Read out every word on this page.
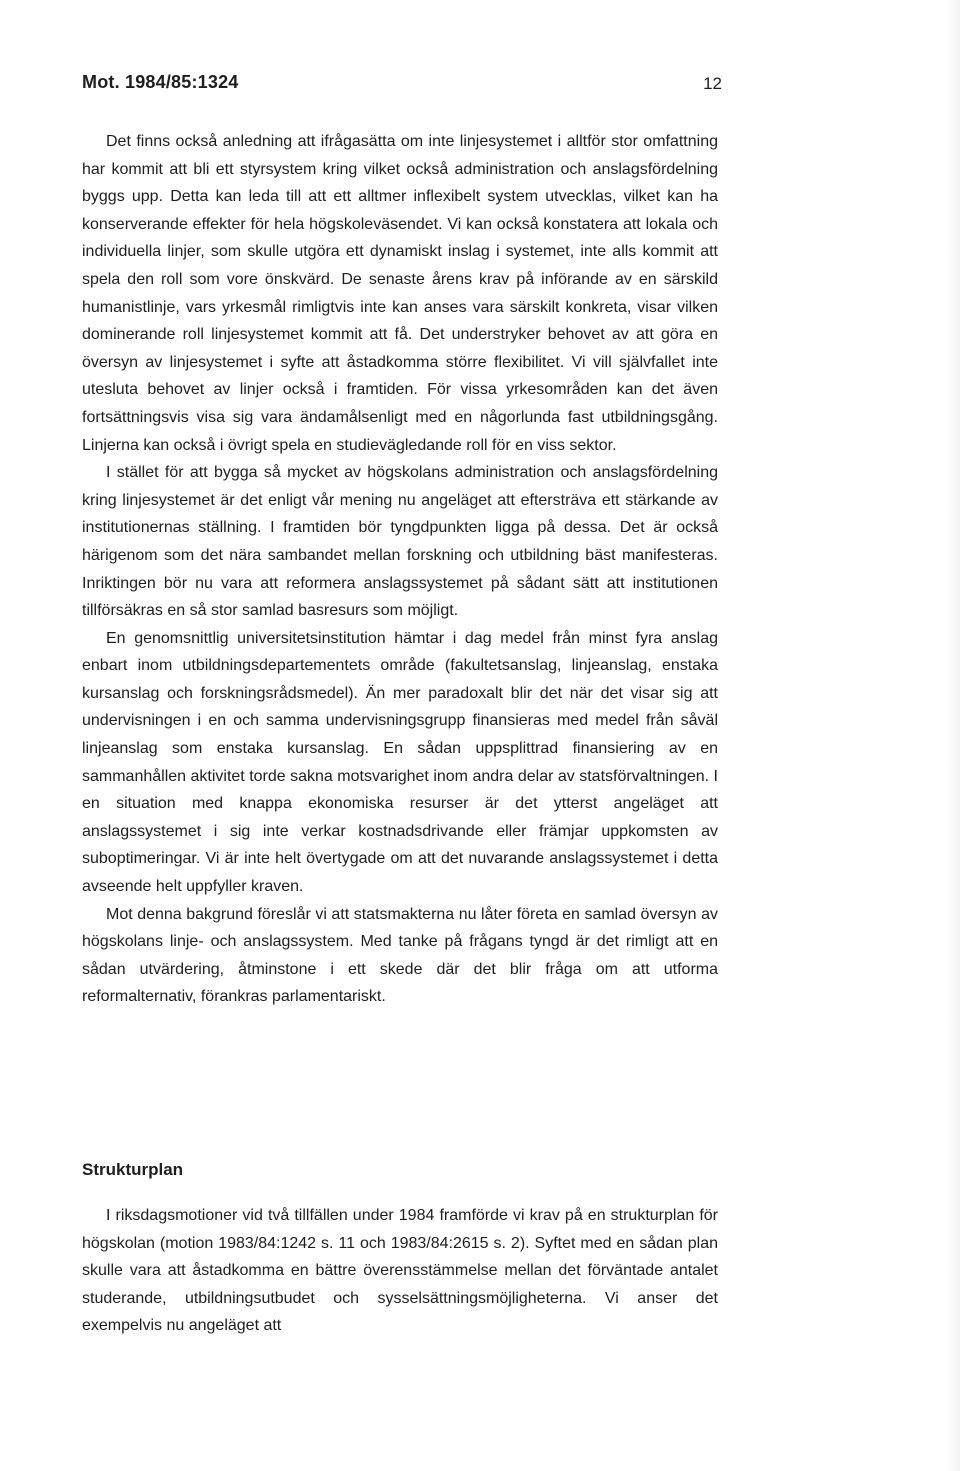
Mot. 1984/85:1324	12

Det finns också anledning att ifrågasätta om inte linjesystemet i alltför stor omfattning har kommit att bli ett styrsystem kring vilket också administration och anslagsfördelning byggs upp. Detta kan leda till att ett alltmer inflexibelt system utvecklas, vilket kan ha konserverande effekter för hela högskoleväsendet. Vi kan också konstatera att lokala och individuella linjer, som skulle utgöra ett dynamiskt inslag i systemet, inte alls kommit att spela den roll som vore önskvärd. De senaste årens krav på införande av en särskild humanistlinje, vars yrkesmål rimligtvis inte kan anses vara särskilt konkreta, visar vilken dominerande roll linjesystemet kommit att få. Det understryker behovet av att göra en översyn av linjesystemet i syfte att åstadkomma större flexibilitet. Vi vill självfallet inte utesluta behovet av linjer också i framtiden. För vissa yrkesområden kan det även fortsättningsvis visa sig vara ändamålsenligt med en någorlunda fast utbildningsgång. Linjerna kan också i övrigt spela en studievägledande roll för en viss sektor.

I stället för att bygga så mycket av högskolans administration och anslagsfördelning kring linjesystemet är det enligt vår mening nu angeläget att eftersträva ett stärkande av institutionernas ställning. I framtiden bör tyngdpunkten ligga på dessa. Det är också härigenom som det nära sambandet mellan forskning och utbildning bäst manifesteras. Inriktingen bör nu vara att reformera anslagssystemet på sådant sätt att institutionen tillförsäkras en så stor samlad basresurs som möjligt.

En genomsnittlig universitetsinstitution hämtar i dag medel från minst fyra anslag enbart inom utbildningsdepartementets område (fakultetsanslag, linjeanslag, enstaka kursanslag och forskningsrådsmedel). Än mer paradoxalt blir det när det visar sig att undervisningen i en och samma undervisningsgrupp finansieras med medel från såväl linjeanslag som enstaka kursanslag. En sådan uppsplittrad finansiering av en sammanhållen aktivitet torde sakna motsvarighet inom andra delar av statsförvaltningen. I en situation med knappa ekonomiska resurser är det ytterst angeläget att anslagssystemet i sig inte verkar kostnadsdrivande eller främjar uppkomsten av suboptimeringar. Vi är inte helt övertygade om att det nuvarande anslagssystemet i detta avseende helt uppfyller kraven.

Mot denna bakgrund föreslår vi att statsmakterna nu låter företa en samlad översyn av högskolans linje- och anslagssystem. Med tanke på frågans tyngd är det rimligt att en sådan utvärdering, åtminstone i ett skede där det blir fråga om att utforma reformalternativ, förankras parlamentariskt.

Strukturplan

I riksdagsmotioner vid två tillfällen under 1984 framförde vi krav på en strukturplan för högskolan (motion 1983/84:1242 s. 11 och 1983/84:2615 s. 2). Syftet med en sådan plan skulle vara att åstadkomma en bättre överensstämmelse mellan det förväntade antalet studerande, utbildningsutbudet och sysselsättningsmöjligheterna. Vi anser det exempelvis nu angeläget att
